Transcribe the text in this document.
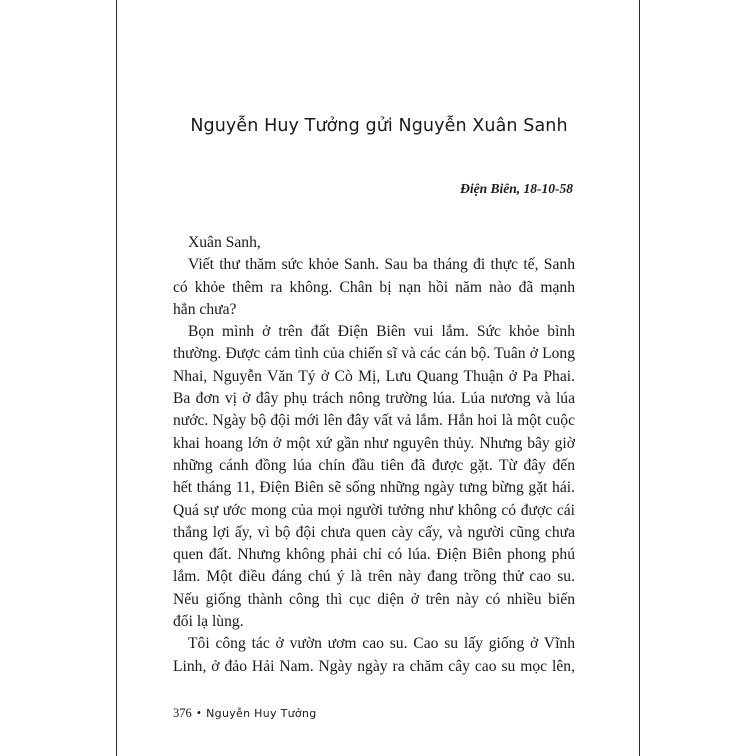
Nguyễn Huy Tưởng gửi Nguyễn Xuân Sanh
Điện Biên, 18-10-58
Xuân Sanh,
Viết thư thăm sức khỏe Sanh. Sau ba tháng đi thực tế, Sanh
có khỏe thêm ra không. Chân bị nạn hồi năm nào đã mạnh
hẳn chưa?
Bọn mình ở trên đất Điện Biên vui lắm. Sức khỏe bình
thường. Được cảm tình của chiến sĩ và các cán bộ. Tuân ở Long
Nhai, Nguyễn Văn Tý ở Cò Mị, Lưu Quang Thuận ở Pa Phai.
Ba đơn vị ở đây phụ trách nông trường lúa. Lúa nương và lúa
nước. Ngày bộ đội mới lên đây vất vả lắm. Hắn hoi là một cuộc
khai hoang lớn ở một xứ gần như nguyên thủy. Nhưng bây giờ
những cánh đồng lúa chín đầu tiên đã được gặt. Từ đây đến
hết tháng 11, Điện Biên sẽ sống những ngày tưng bừng gặt hái.
Quá sự ước mong của mọi người tưởng như không có được cái
thắng lợi ấy, vì bộ đội chưa quen cày cấy, và người cũng chưa
quen đất. Nhưng không phải chỉ có lúa. Điện Biên phong phú
lắm. Một điều đáng chú ý là trên này đang trồng thử cao su.
Nếu giống thành công thì cục diện ở trên này có nhiều biến
đổi lạ lùng.
Tôi công tác ở vườn ươm cao su. Cao su lấy giống ở Vĩnh
Linh, ở đảo Hải Nam. Ngày ngày ra chăm cây cao su mọc lên,
376 • Nguyễn Huy Tưởng
